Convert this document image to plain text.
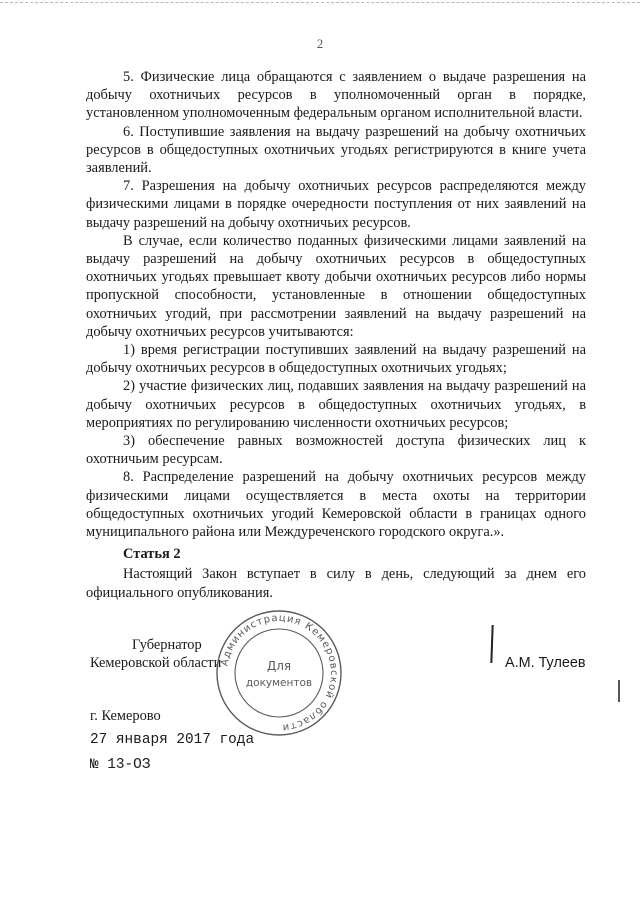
2

5. Физические лица обращаются с заявлением о выдаче разрешения на добычу охотничьих ресурсов в уполномоченный орган в порядке, установленном уполномоченным федеральным органом исполнительной власти.

6. Поступившие заявления на выдачу разрешений на добычу охотничьих ресурсов в общедоступных охотничьих угодьях регистрируются в книге учета заявлений.

7. Разрешения на добычу охотничьих ресурсов распределяются между физическими лицами в порядке очередности поступления от них заявлений на выдачу разрешений на добычу охотничьих ресурсов.

В случае, если количество поданных физическими лицами заявлений на выдачу разрешений на добычу охотничьих ресурсов в общедоступных охотничьих угодьях превышает квоту добычи охотничьих ресурсов либо нормы пропускной способности, установленные в отношении общедоступных охотничьих угодий, при рассмотрении заявлений на выдачу разрешений на добычу охотничьих ресурсов учитываются:

1) время регистрации поступивших заявлений на выдачу разрешений на добычу охотничьих ресурсов в общедоступных охотничьих угодьях;

2) участие физических лиц, подавших заявления на выдачу разрешений на добычу охотничьих ресурсов в общедоступных охотничьих угодьях, в мероприятиях по регулированию численности охотничьих ресурсов;

3) обеспечение равных возможностей доступа физических лиц к охотничьим ресурсам.

8. Распределение разрешений на добычу охотничьих ресурсов между физическими лицами осуществляется в места охоты на территории общедоступных охотничьих угодий Кемеровской области в границах одного муниципального района или Междуреченского городского округа.».

Статья 2

Настоящий Закон вступает в силу в день, следующий за днем его официального опубликования.

Губернатор
Кемеровской области
Администрация Кемеровской области
Для
документов
А.М. Тулеев
г. Кемерово
27 января 2017 года
№ 13-ОЗ
